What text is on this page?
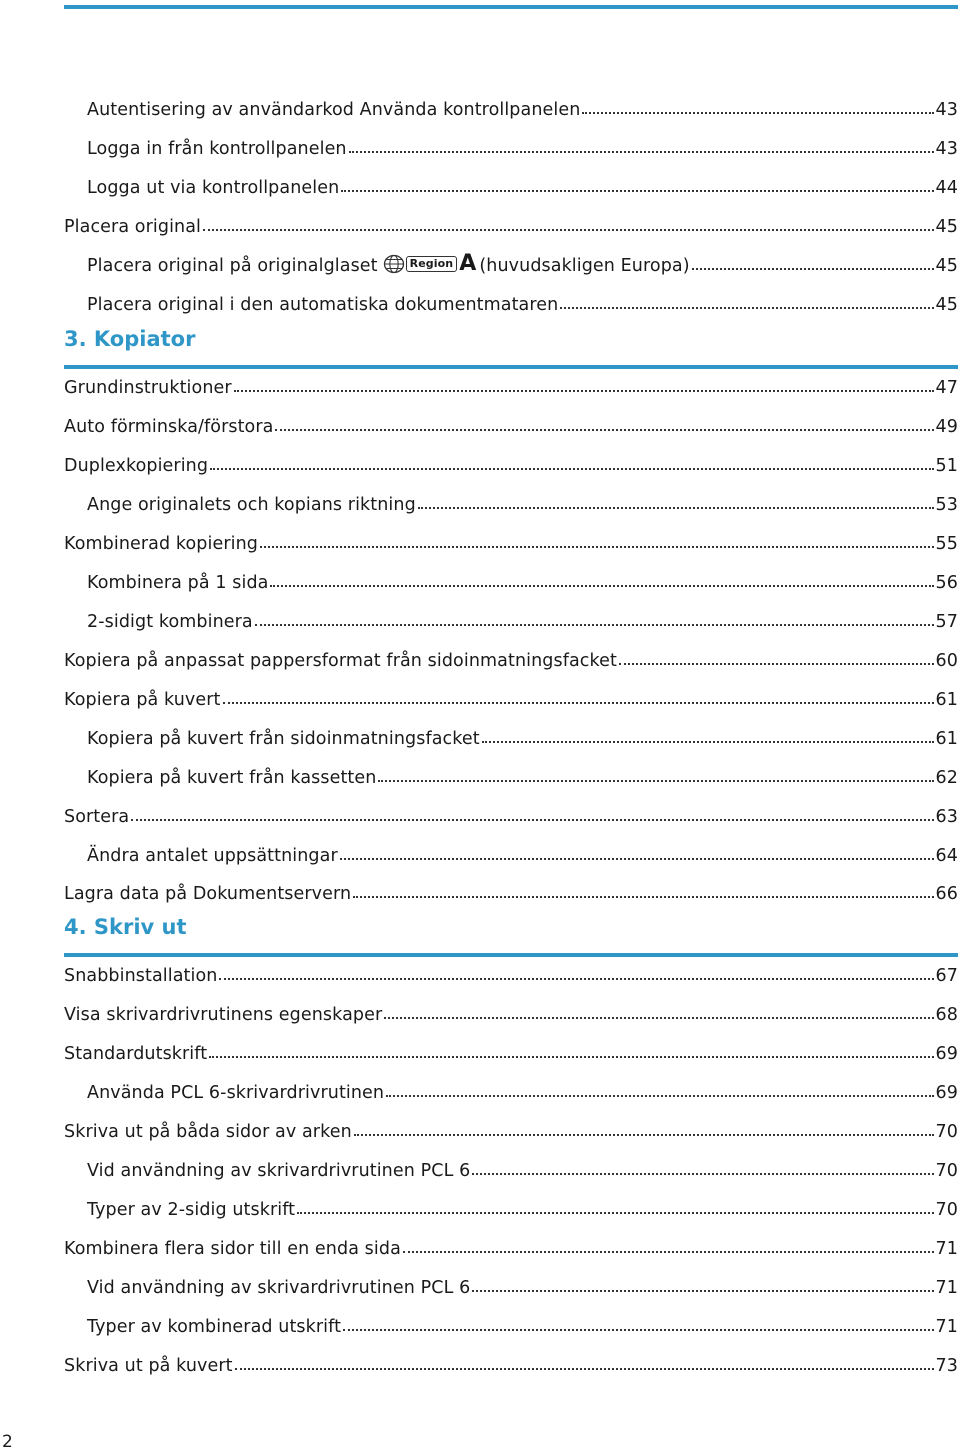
Autentisering av användarkod Använda kontrollpanelen	43
Logga in från kontrollpanelen	43
Logga ut via kontrollpanelen	44
Placera original	45
Placera original på originalglaset	Region A (huvudsakligen Europa)	45
Placera original i den automatiska dokumentmataren	45
3.
Kopiator
Grundinstruktioner	47
Auto förminska/förstora	49
Duplexkopiering	51
Ange originalets och kopians riktning	53
Kombinerad kopiering	55
Kombinera på 1 sida	56
2-sidigt kombinera	57
Kopiera på anpassat pappersformat från sidoinmatningsfacket	60
Kopiera på kuvert	61
Kopiera på kuvert från sidoinmatningsfacket	61
Kopiera på kuvert från kassetten	62
Sortera	63
Ändra antalet uppsättningar	64
Lagra data på Dokumentservern	66
4.
Skriv ut
Snabbinstallation	67
Visa skrivardrivrutinens egenskaper	68
Standardutskrift	69
Använda PCL 6-skrivardrivrutinen	69
Skriva ut på båda sidor av arken	70
Vid användning av skrivardrivrutinen PCL 6	70
Typer av 2-sidig utskrift	70
Kombinera flera sidor till en enda sida	71
Vid användning av skrivardrivrutinen PCL 6	71
Typer av kombinerad utskrift	71
Skriva ut på kuvert	73
2
